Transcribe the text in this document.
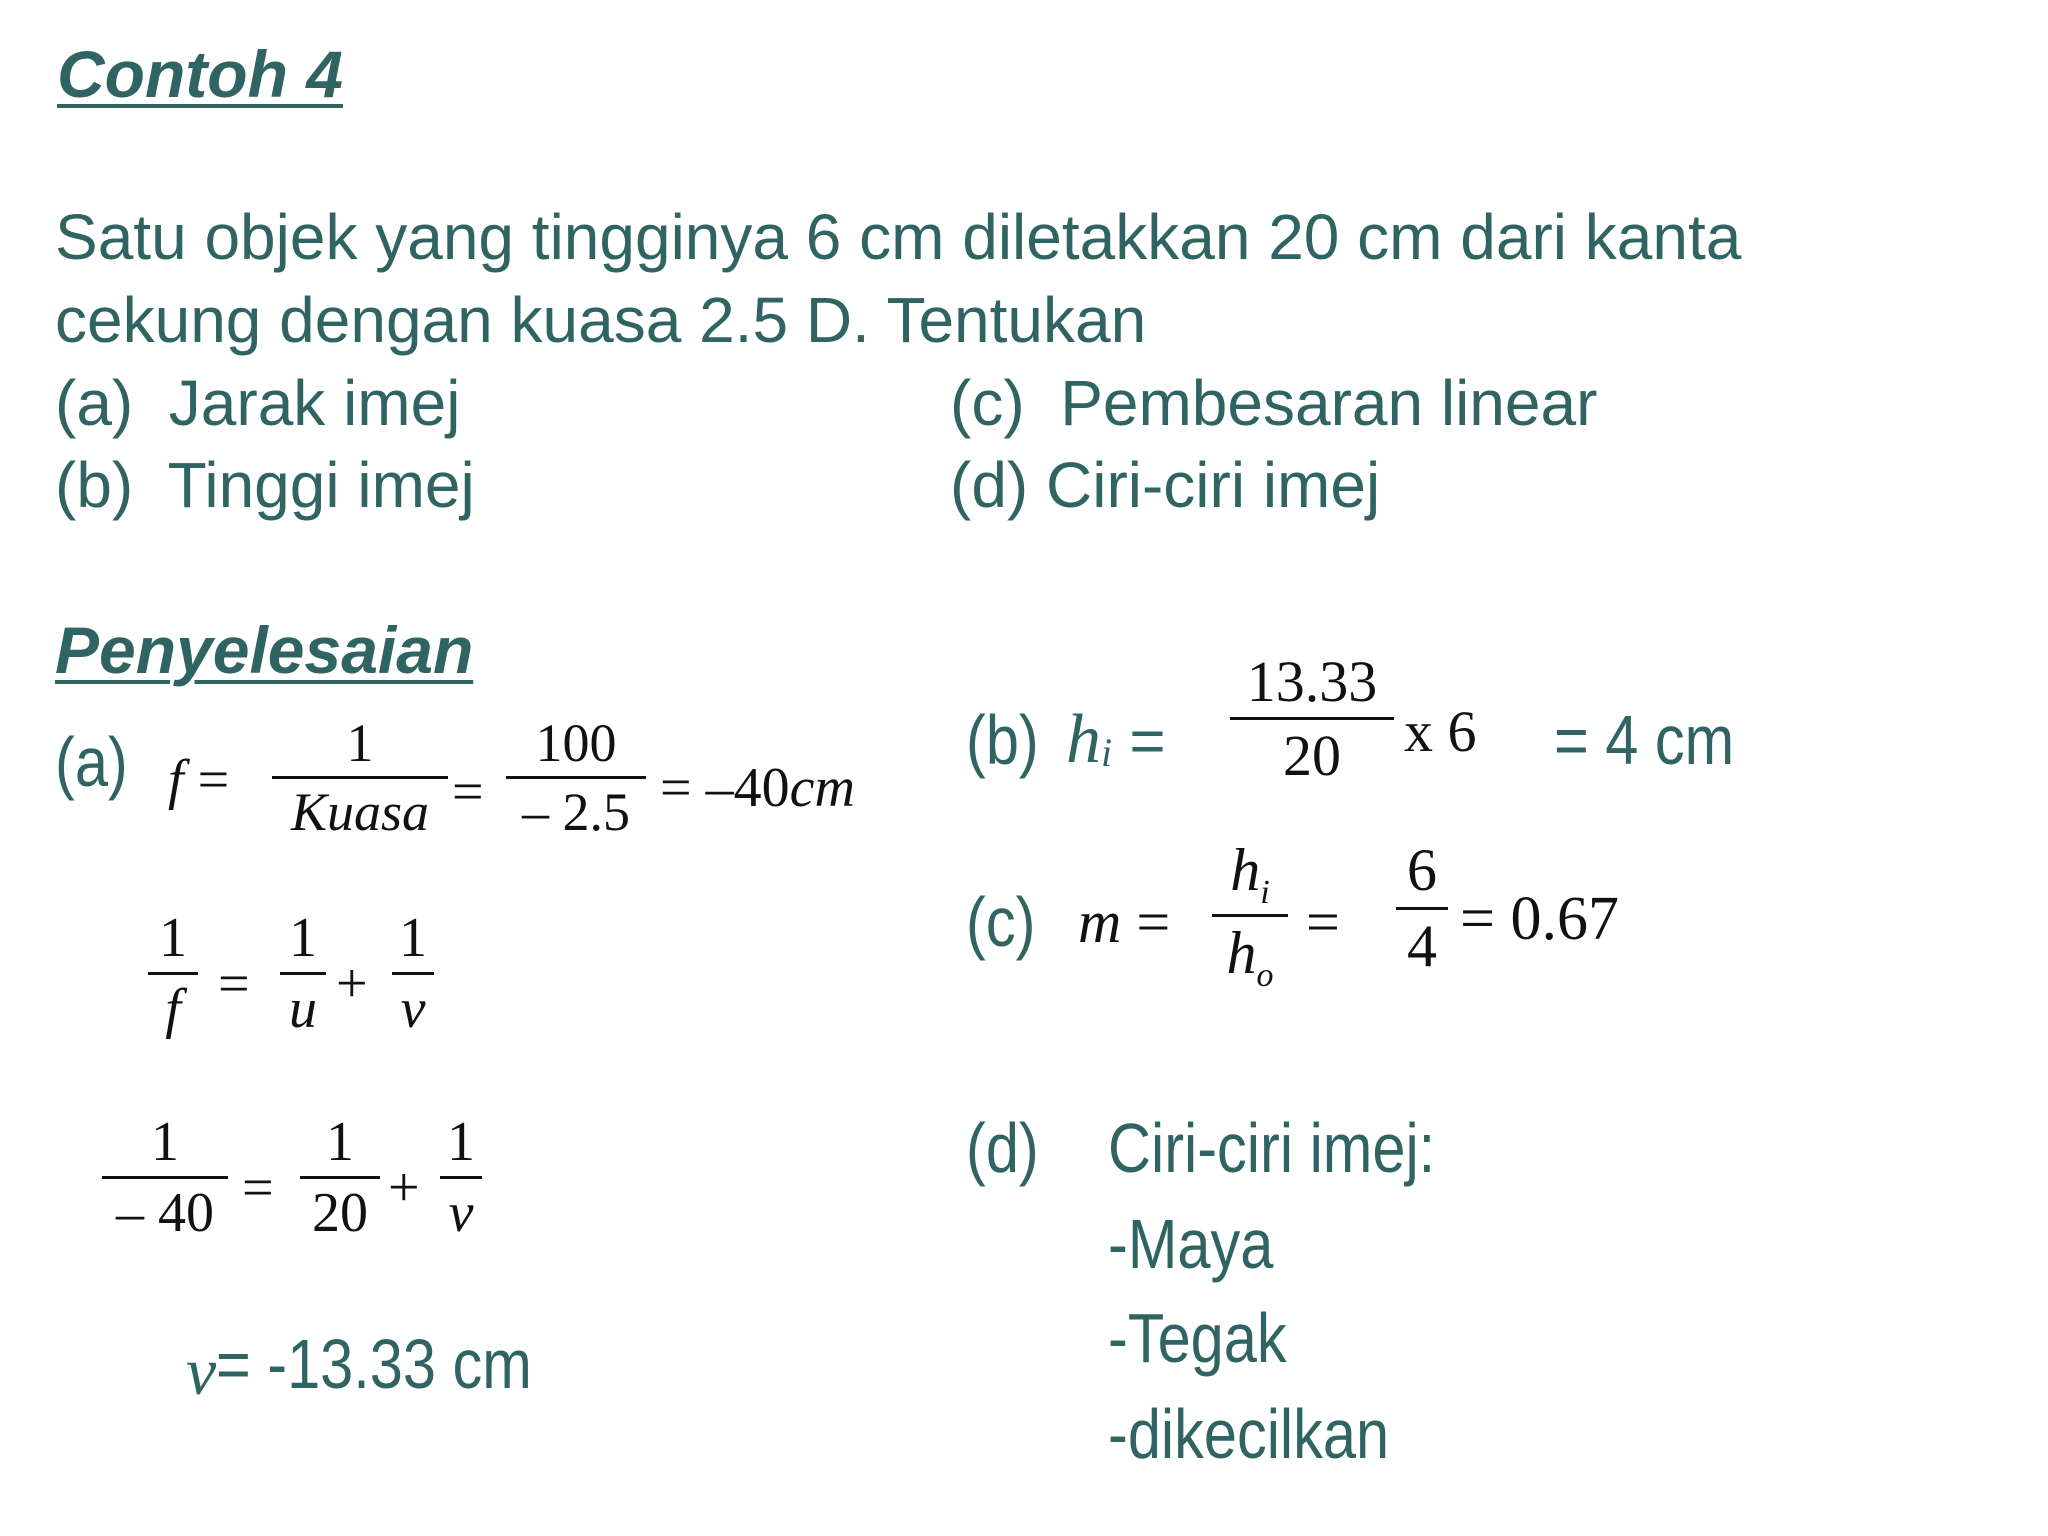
Contoh 4
Satu objek yang tingginya 6 cm diletakkan 20 cm dari kanta
cekung dengan kuasa 2.5 D. Tentukan
(a) Jarak imej
(b) Tinggi imej
(c) Pembesaran linear
(d) Ciri-ciri imej
Penyelesaian
(a) f =
1
Kuasa =
100
– 2.5 = –40cm
1
f =
1
u +
1
v
1
– 40 =
1
20 +
1
v
v= -13.33 cm
(b) $h_i$ =
13.33
20	x 6 = 4 cm
(c) m =
$h_i$
$h_o$
=
6
4 = 0.67
(d) Ciri-ciri imej:
-Maya
-Tegak
-dikecilkan
